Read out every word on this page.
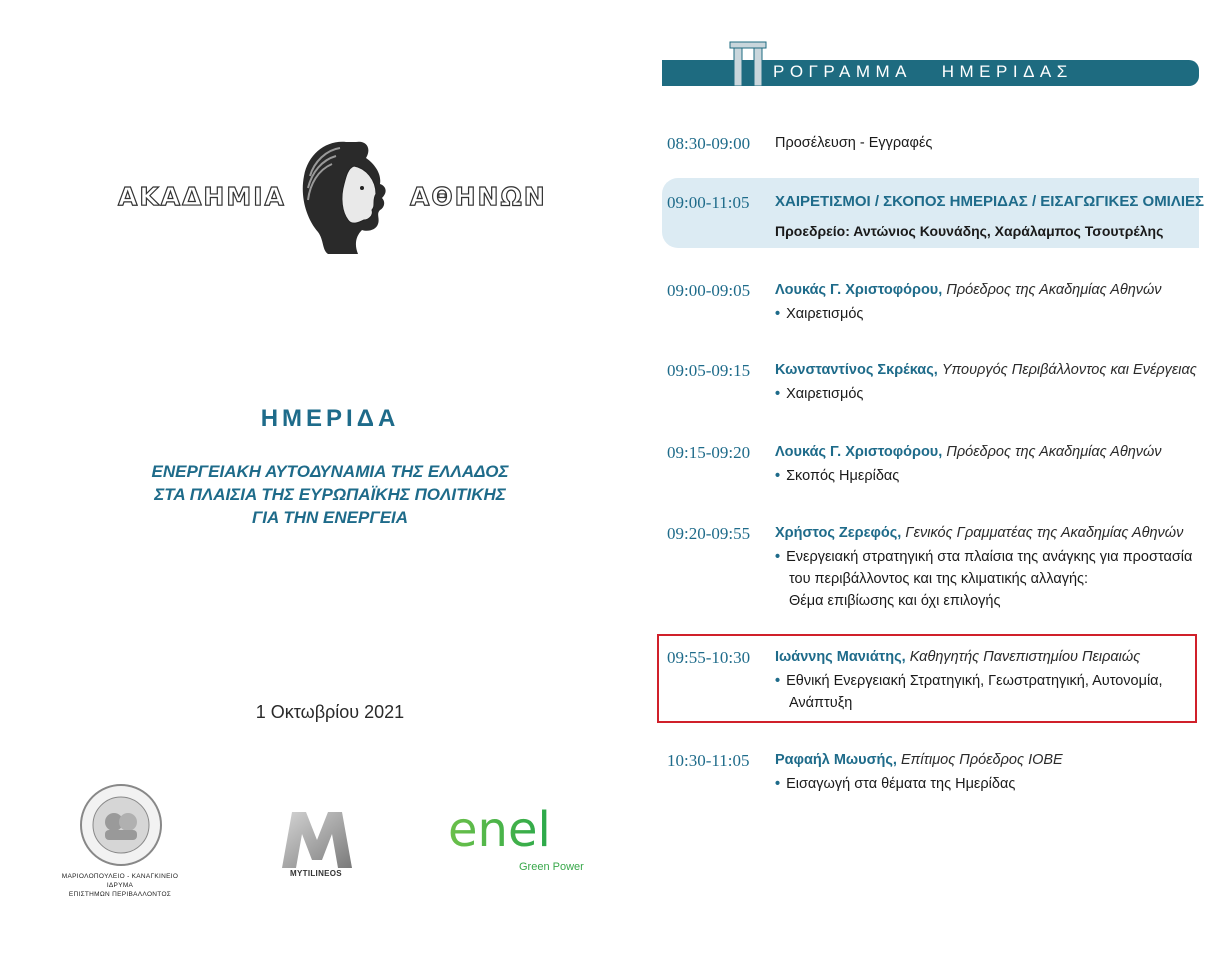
ΑΚΑΔΗΜΙΑ	ΑΘΗΝΩΝ
ΗΜΕΡΙΔΑ
ΕΝΕΡΓΕΙΑΚΗ ΑΥΤΟΔΥΝΑΜΙΑ ΤΗΣ ΕΛΛΑΔΟΣ
ΣΤΑ ΠΛΑΙΣΙΑ ΤΗΣ ΕΥΡΩΠΑΪΚΗΣ ΠΟΛΙΤΙΚΗΣ
ΓΙΑ ΤΗΝ ΕΝΕΡΓΕΙΑ
1 Οκτωβρίου 2021
ΜΑΡΙΟΛΟΠΟΥΛΕΙΟ - ΚΑΝΑΓΚΙΝΕΙΟ ΙΔΡΥΜΑ
ΕΠΙΣΤΗΜΩΝ ΠΕΡΙΒΑΛΛΟΝΤΟΣ
MYTILINEOS
enel
Green Power
ΡΟΓΡΑΜΜΑ   ΗΜΕΡΙΔΑΣ
08:30-09:00 Προσέλευση - Εγγραφές
09:00-11:05 ΧΑΙΡΕΤΙΣΜΟΙ / ΣΚΟΠΟΣ ΗΜΕΡΙΔΑΣ / ΕΙΣΑΓΩΓΙΚΕΣ ΟΜΙΛΙΕΣ
Προεδρείο: Αντώνιος Κουνάδης, Χαράλαμπος Τσουτρέλης
09:00-09:05 Λουκάς Γ. Χριστοφόρου, Πρόεδρος της Ακαδημίας Αθηνών
• Χαιρετισμός
09:05-09:15 Κωνσταντίνος Σκρέκας, Υπουργός Περιβάλλοντος και Ενέργειας
• Χαιρετισμός
09:15-09:20 Λουκάς Γ. Χριστοφόρου, Πρόεδρος της Ακαδημίας Αθηνών
• Σκοπός Ημερίδας
09:20-09:55 Χρήστος Ζερεφός, Γενικός Γραμματέας της Ακαδημίας Αθηνών
• Ενεργειακή στρατηγική στα πλαίσια της ανάγκης για προστασία
του περιβάλλοντος και της κλιματικής αλλαγής:
Θέμα επιβίωσης και όχι επιλογής
09:55-10:30 Ιωάννης Μανιάτης, Καθηγητής Πανεπιστημίου Πειραιώς
• Εθνική Ενεργειακή Στρατηγική, Γεωστρατηγική, Αυτονομία,
Ανάπτυξη
10:30-11:05 Ραφαήλ Μωυσής, Επίτιμος Πρόεδρος ΙΟΒΕ
• Εισαγωγή στα θέματα της Ημερίδας
